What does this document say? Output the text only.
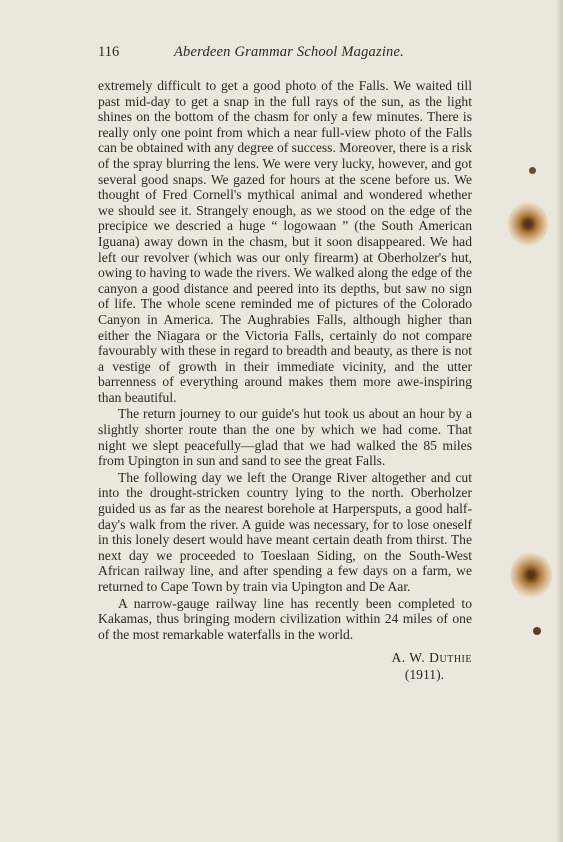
116	Aberdeen Grammar School Magazine.

extremely difficult to get a good photo of the Falls. We waited till past mid-day to get a snap in the full rays of the sun, as the light shines on the bottom of the chasm for only a few minutes. There is really only one point from which a near full-view photo of the Falls can be obtained with any degree of success. Moreover, there is a risk of the spray blurring the lens. We were very lucky, however, and got several good snaps. We gazed for hours at the scene before us. We thought of Fred Cornell's mythical animal and wondered whether we should see it. Strangely enough, as we stood on the edge of the precipice we descried a huge “ logowaan ” (the South American Iguana) away down in the chasm, but it soon disappeared. We had left our revolver (which was our only firearm) at Oberholzer's hut, owing to having to wade the rivers. We walked along the edge of the canyon a good distance and peered into its depths, but saw no sign of life. The whole scene reminded me of pictures of the Colorado Canyon in America. The Aughrabies Falls, although higher than either the Niagara or the Victoria Falls, certainly do not compare favourably with these in regard to breadth and beauty, as there is not a vestige of growth in their immediate vicinity, and the utter barrenness of everything around makes them more awe-inspiring than beautiful.

The return journey to our guide's hut took us about an hour by a slightly shorter route than the one by which we had come. That night we slept peacefully—glad that we had walked the 85 miles from Upington in sun and sand to see the great Falls.

The following day we left the Orange River altogether and cut into the drought-stricken country lying to the north. Oberholzer guided us as far as the nearest borehole at Harpersputs, a good half-day's walk from the river. A guide was necessary, for to lose oneself in this lonely desert would have meant certain death from thirst. The next day we proceeded to Toeslaan Siding, on the South-West African railway line, and after spending a few days on a farm, we returned to Cape Town by train via Upington and De Aar.

A narrow-gauge railway line has recently been completed to Kakamas, thus bringing modern civilization within 24 miles of one of the most remarkable waterfalls in the world.

A. W. Duthie
(1911).
